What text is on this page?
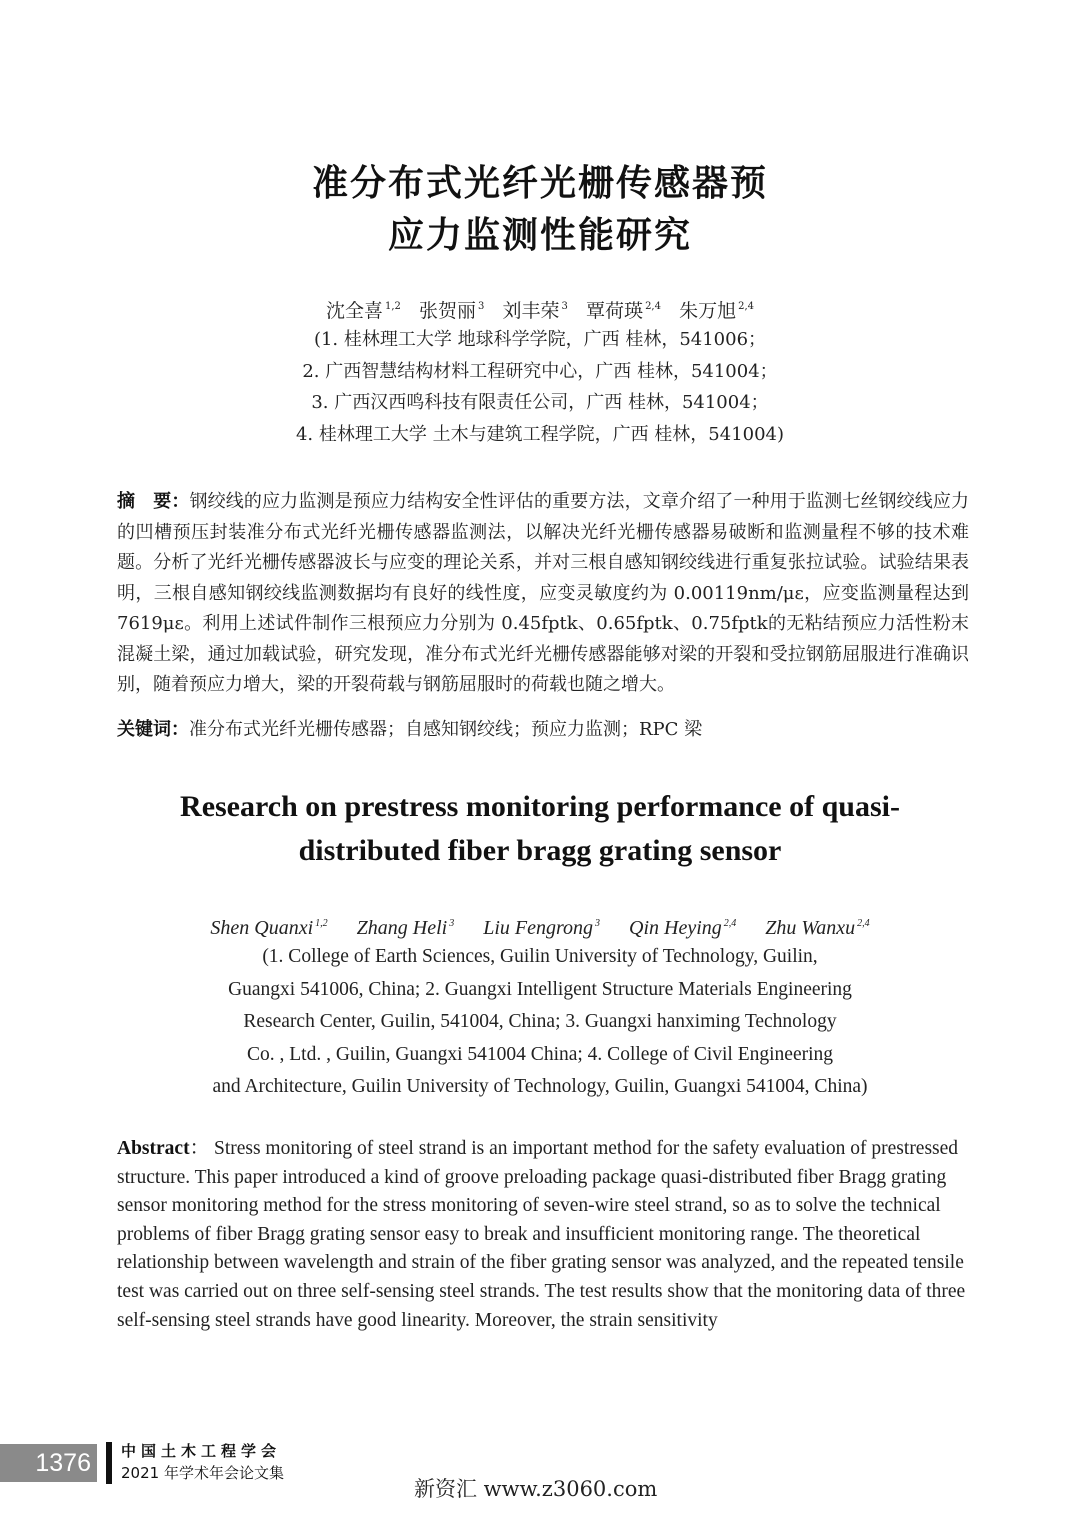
准分布式光纤光栅传感器预
应力监测性能研究
沈全喜 $^{1,2}$ 张贺丽 $^3$ 刘丰荣 $^3$ 覃荷瑛 $^{2,4}$ 朱万旭 $^{2,4}$
(1. 桂林理工大学 地球科学学院，广西 桂林，541006；
2. 广西智慧结构材料工程研究中心，广西 桂林，541004；
3. 广西汉西鸣科技有限责任公司，广西 桂林，541004；
4. 桂林理工大学 土木与建筑工程学院，广西 桂林，541004)
摘　要：钢绞线的应力监测是预应力结构安全性评估的重要方法，文章介绍了一种用于监测七丝钢绞线应力的凹槽预压封装准分布式光纤光栅传感器监测法，以解决光纤光栅传感器易破断和监测量程不够的技术难题。分析了光纤光栅传感器波长与应变的理论关系，并对三根自感知钢绞线进行重复张拉试验。试验结果表明，三根自感知钢绞线监测数据均有良好的线性度，应变灵敏度约为 0.00119nm/με，应变监测量程达到 7619με。利用上述试件制作三根预应力分别为 0.45fptk、0.65fptk、0.75fptk的无粘结预应力活性粉末混凝土梁，通过加载试验，研究发现，准分布式光纤光栅传感器能够对梁的开裂和受拉钢筋屈服进行准确识别，随着预应力增大，梁的开裂荷载与钢筋屈服时的荷载也随之增大。
关键词：准分布式光纤光栅传感器；自感知钢绞线；预应力监测；RPC 梁
Research on prestress monitoring performance of quasi-
distributed fiber bragg grating sensor
Shen Quanxi $^{1,2}$ Zhang Heli $^3$ Liu Fengrong $^3$ Qin Heying $^{2,4}$ Zhu Wanxu $^{2,4}$
(1. College of Earth Sciences, Guilin University of Technology, Guilin,
Guangxi 541006, China; 2. Guangxi Intelligent Structure Materials Engineering
Research Center, Guilin, 541004, China; 3. Guangxi hanximing Technology
Co. , Ltd. , Guilin, Guangxi 541004 China; 4. College of Civil Engineering
and Architecture, Guilin University of Technology, Guilin, Guangxi 541004, China)
Abstract： Stress monitoring of steel strand is an important method for the safety evaluation of prestressed structure. This paper introduced a kind of groove preloading package quasi-distributed fiber Bragg grating sensor monitoring method for the stress monitoring of seven-wire steel strand, so as to solve the technical problems of fiber Bragg grating sensor easy to break and insufficient monitoring range. The theoretical relationship between wavelength and strain of the fiber grating sensor was analyzed, and the repeated tensile test was carried out on three self-sensing steel strands. The test results show that the monitoring data of three self-sensing steel strands have good linearity. Moreover, the strain sensitivity
1376	中国土木工程学会
2021 年学术年会论文集
新资汇 www.z3060.com
